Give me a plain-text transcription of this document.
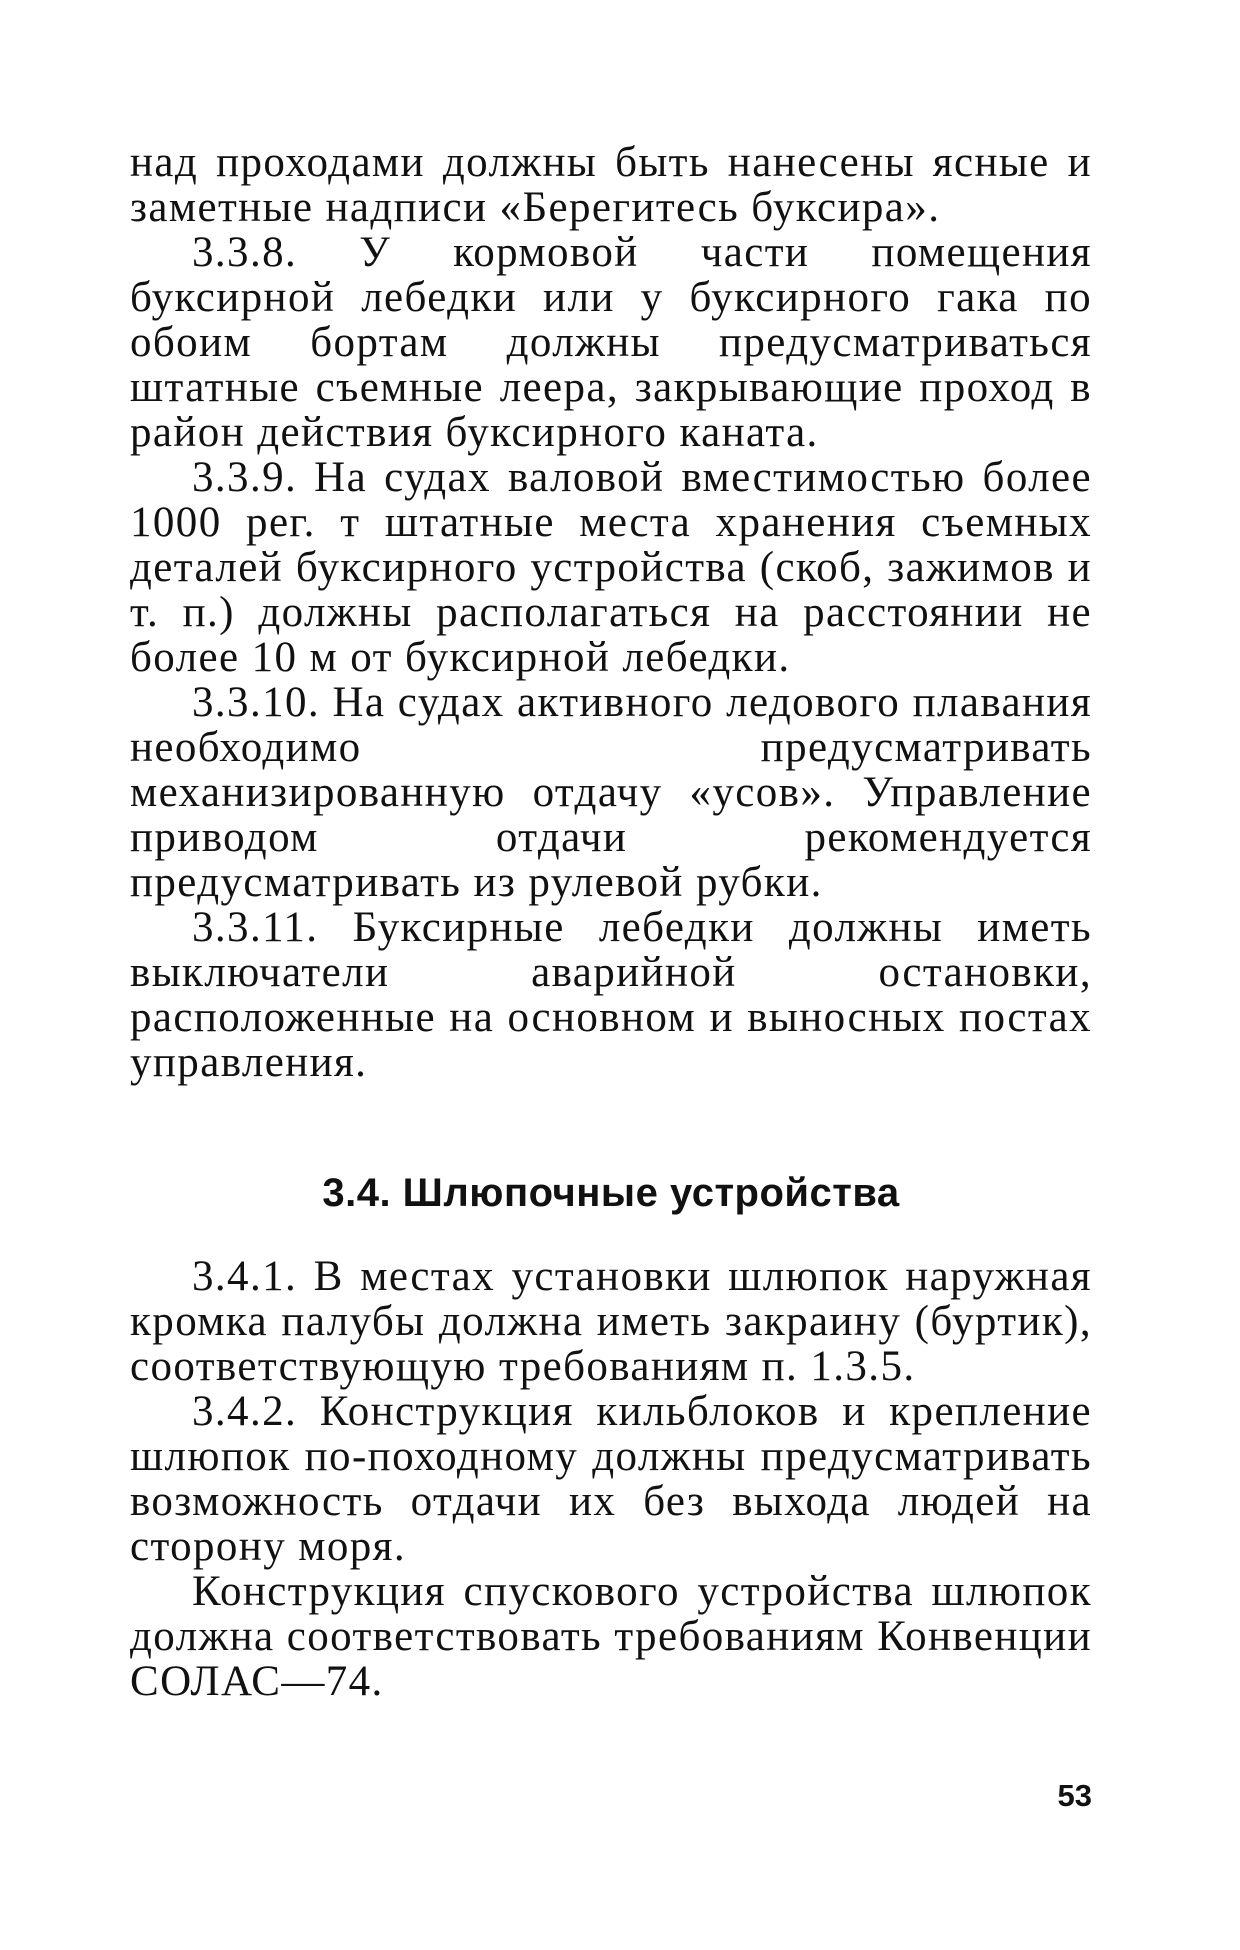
над проходами должны быть нанесены ясные и заметные надписи «Берегитесь буксира».

3.3.8. У кормовой части помещения буксирной лебедки или у буксирного гака по обоим бортам должны предусматриваться штатные съемные леера, закрывающие проход в район действия буксирного каната.

3.3.9. На судах валовой вместимостью более 1000 рег. т штатные места хранения съемных деталей буксирного устройства (скоб, зажимов и т. п.) должны располагаться на расстоянии не более 10 м от буксирной лебедки.

3.3.10. На судах активного ледового плавания необходимо предусматривать механизированную отдачу «усов». Управление приводом отдачи рекомендуется предусматривать из рулевой рубки.

3.3.11. Буксирные лебедки должны иметь выключатели аварийной остановки, расположенные на основном и выносных постах управления.

3.4. Шлюпочные устройства

3.4.1. В местах установки шлюпок наружная кромка палубы должна иметь закраину (буртик), соответствующую требованиям п. 1.3.5.

3.4.2. Конструкция кильблоков и крепление шлюпок по-походному должны предусматривать возможность отдачи их без выхода людей на сторону моря.

Конструкция спускового устройства шлюпок должна соответствовать требованиям Конвенции СОЛАС—74.

53
